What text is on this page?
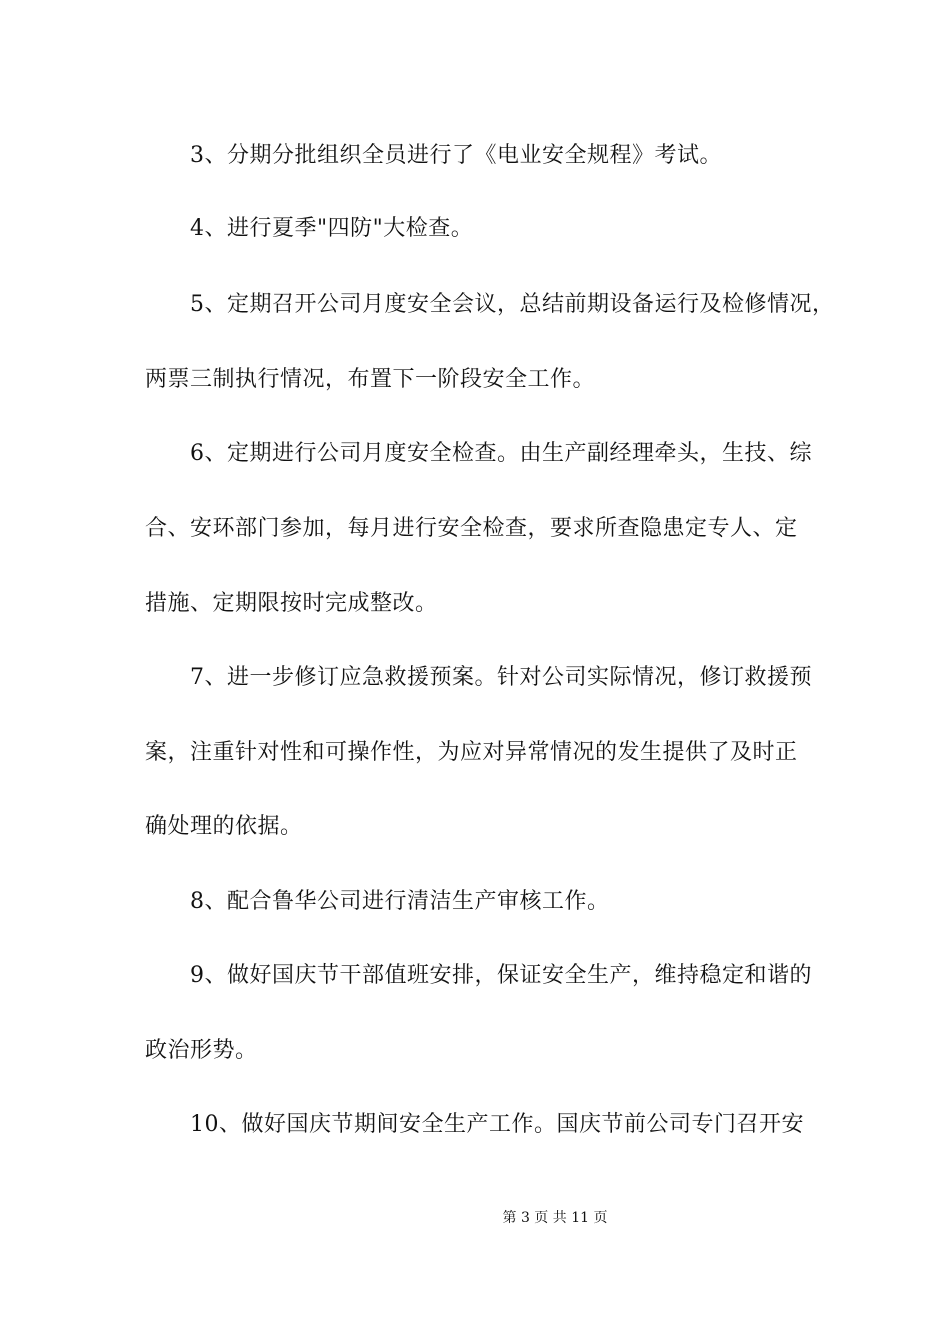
3、分期分批组织全员进行了《电业安全规程》考试。
4、进行夏季"四防"大检查。
5、定期召开公司月度安全会议，总结前期设备运行及检修情况，
两票三制执行情况，布置下一阶段安全工作。
6、定期进行公司月度安全检查。由生产副经理牵头，生技、综
合、安环部门参加，每月进行安全检查，要求所查隐患定专人、定
措施、定期限按时完成整改。
7、进一步修订应急救援预案。针对公司实际情况，修订救援预
案，注重针对性和可操作性，为应对异常情况的发生提供了及时正
确处理的依据。
8、配合鲁华公司进行清洁生产审核工作。
9、做好国庆节干部值班安排，保证安全生产，维持稳定和谐的
政治形势。
10、做好国庆节期间安全生产工作。国庆节前公司专门召开安
第 3 页 共 11 页
